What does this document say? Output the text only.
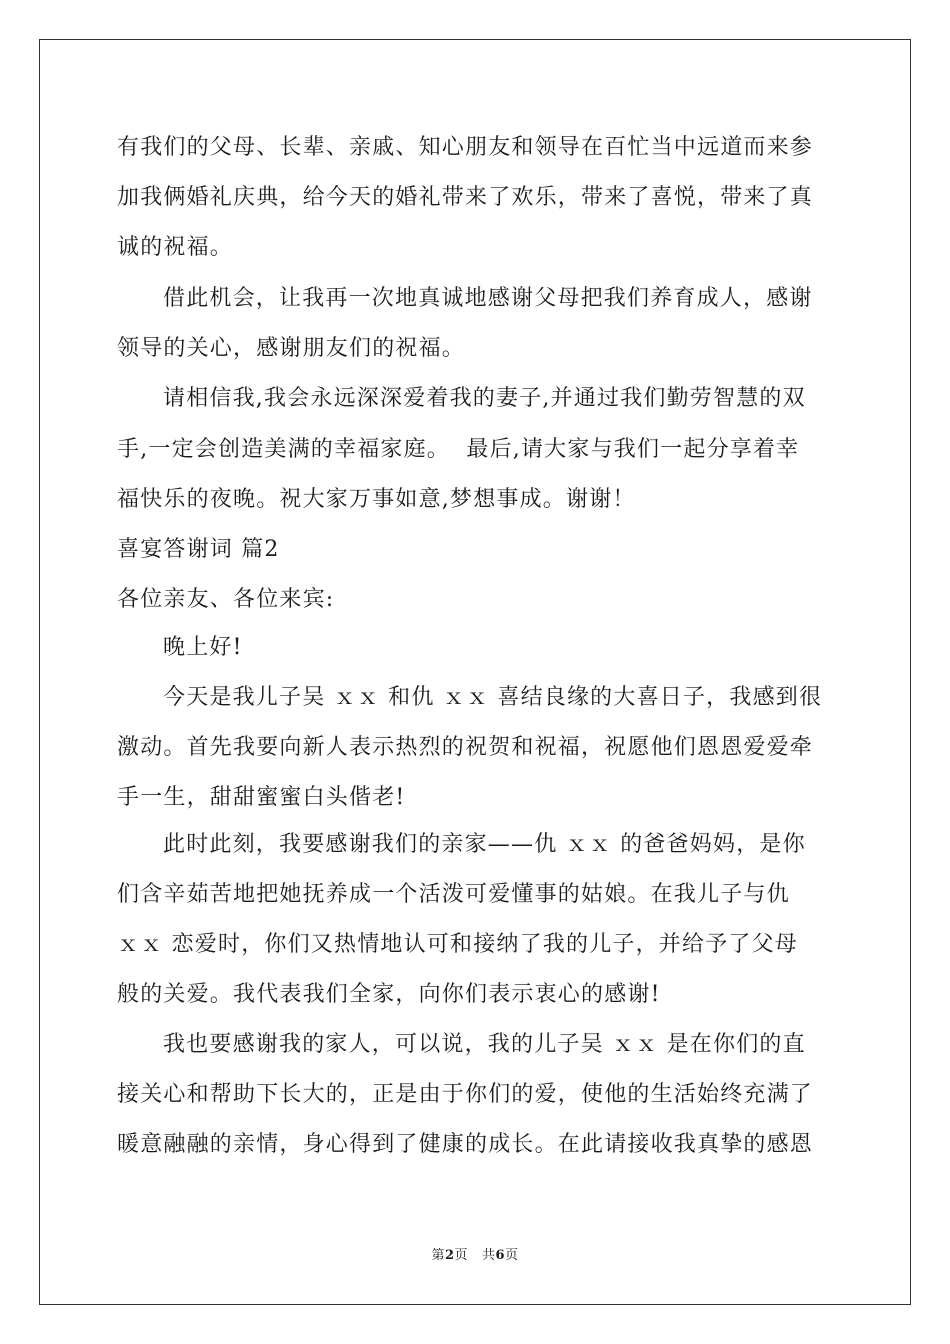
有我们的父母、长辈、亲戚、知心朋友和领导在百忙当中远道而来参
加我俩婚礼庆典，给今天的婚礼带来了欢乐，带来了喜悦，带来了真
诚的祝福。
借此机会，让我再一次地真诚地感谢父母把我们养育成人，感谢
领导的关心，感谢朋友们的祝福。
请相信我,我会永远深深爱着我的妻子,并通过我们勤劳智慧的双
手,一定会创造美满的幸福家庭。  最后,请大家与我们一起分享着幸
福快乐的夜晚。祝大家万事如意,梦想事成。谢谢！
喜宴答谢词 篇2
各位亲友、各位来宾:
晚上好!
今天是我儿子吴 ｘｘ 和仇 ｘｘ 喜结良缘的大喜日子，我感到很
激动。首先我要向新人表示热烈的祝贺和祝福，祝愿他们恩恩爱爱牵
手一生，甜甜蜜蜜白头偕老!
此时此刻，我要感谢我们的亲家——仇 ｘｘ 的爸爸妈妈，是你
们含辛茹苦地把她抚养成一个活泼可爱懂事的姑娘。在我儿子与仇
ｘｘ 恋爱时，你们又热情地认可和接纳了我的儿子，并给予了父母
般的关爱。我代表我们全家，向你们表示衷心的感谢!
我也要感谢我的家人，可以说，我的儿子吴 ｘｘ 是在你们的直
接关心和帮助下长大的，正是由于你们的爱，使他的生活始终充满了
暖意融融的亲情，身心得到了健康的成长。在此请接收我真挚的感恩
第2页   共6页
